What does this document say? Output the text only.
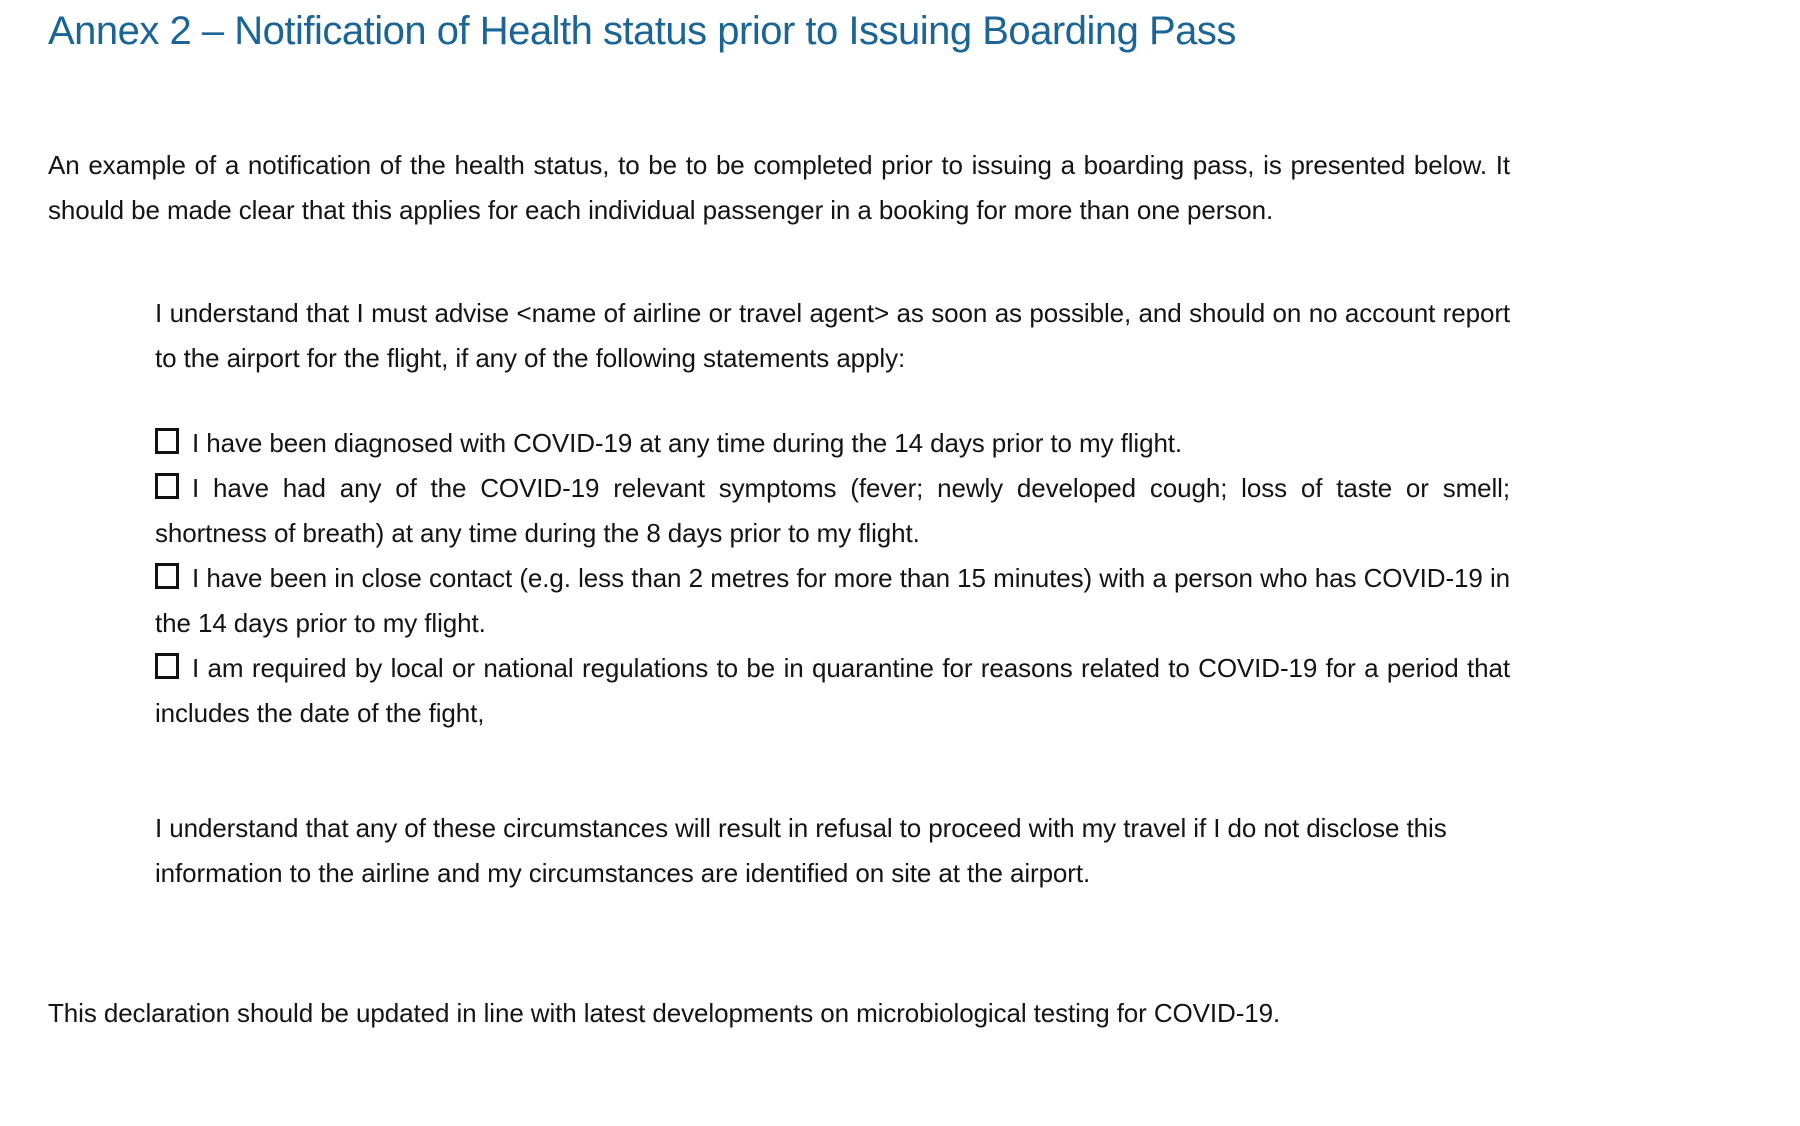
Annex 2 – Notification of Health status prior to Issuing Boarding Pass

An example of a notification of the health status, to be to be completed prior to issuing a boarding pass, is presented below. It should be made clear that this applies for each individual passenger in a booking for more than one person.

I understand that I must advise <name of airline or travel agent> as soon as possible, and should on no account report to the airport for the flight, if any of the following statements apply:

I have been diagnosed with COVID-19 at any time during the 14 days prior to my flight.

I have had any of the COVID-19 relevant symptoms (fever; newly developed cough; loss of taste or smell; shortness of breath) at any time during the 8 days prior to my flight.

I have been in close contact (e.g. less than 2 metres for more than 15 minutes) with a person who has COVID-19 in the 14 days prior to my flight.

I am required by local or national regulations to be in quarantine for reasons related to COVID-19 for a period that includes the date of the fight,

I understand that any of these circumstances will result in refusal to proceed with my travel if I do not disclose this information to the airline and my circumstances are identified on site at the airport.

This declaration should be updated in line with latest developments on microbiological testing for COVID-19.
